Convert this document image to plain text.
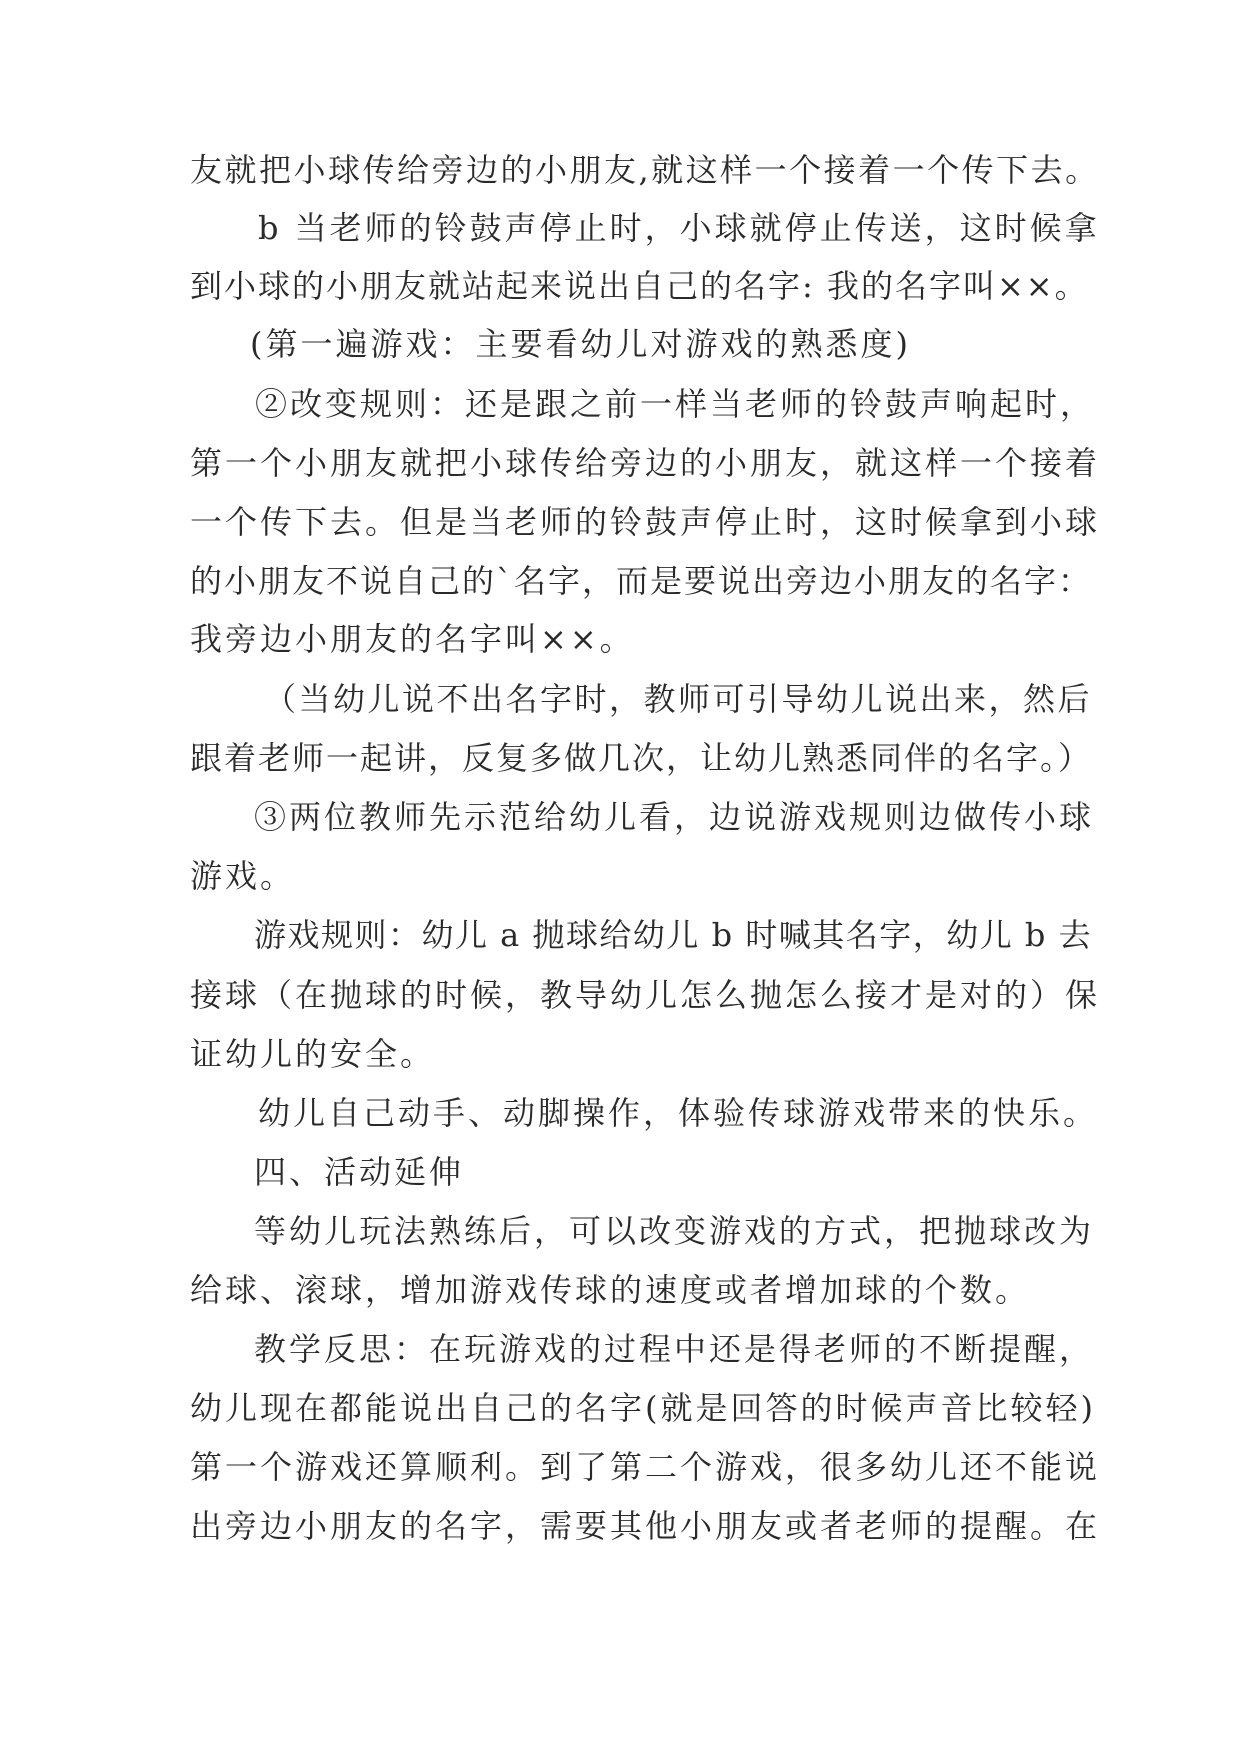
友就把小球传给旁边的小朋友,就这样一个接着一个传下去。
b 当老师的铃鼓声停止时，小球就停止传送，这时候拿
到小球的小朋友就站起来说出自己的名字: 我的名字叫××。
(第一遍游戏：主要看幼儿对游戏的熟悉度)
②改变规则：还是跟之前一样当老师的铃鼓声响起时，
第一个小朋友就把小球传给旁边的小朋友，就这样一个接着
一个传下去。但是当老师的铃鼓声停止时，这时候拿到小球
的小朋友不说自己的`名字，而是要说出旁边小朋友的名字：
我旁边小朋友的名字叫××。
（当幼儿说不出名字时，教师可引导幼儿说出来，然后
跟着老师一起讲，反复多做几次，让幼儿熟悉同伴的名字。）
③两位教师先示范给幼儿看，边说游戏规则边做传小球
游戏。
游戏规则：幼儿 a 抛球给幼儿 b 时喊其名字，幼儿 b 去
接球（在抛球的时候，教导幼儿怎么抛怎么接才是对的）保
证幼儿的安全。
幼儿自己动手、动脚操作，体验传球游戏带来的快乐。
四、活动延伸
等幼儿玩法熟练后，可以改变游戏的方式，把抛球改为
给球、滚球，增加游戏传球的速度或者增加球的个数。
教学反思：在玩游戏的过程中还是得老师的不断提醒，
幼儿现在都能说出自己的名字(就是回答的时候声音比较轻)
第一个游戏还算顺利。到了第二个游戏，很多幼儿还不能说
出旁边小朋友的名字，需要其他小朋友或者老师的提醒。在
